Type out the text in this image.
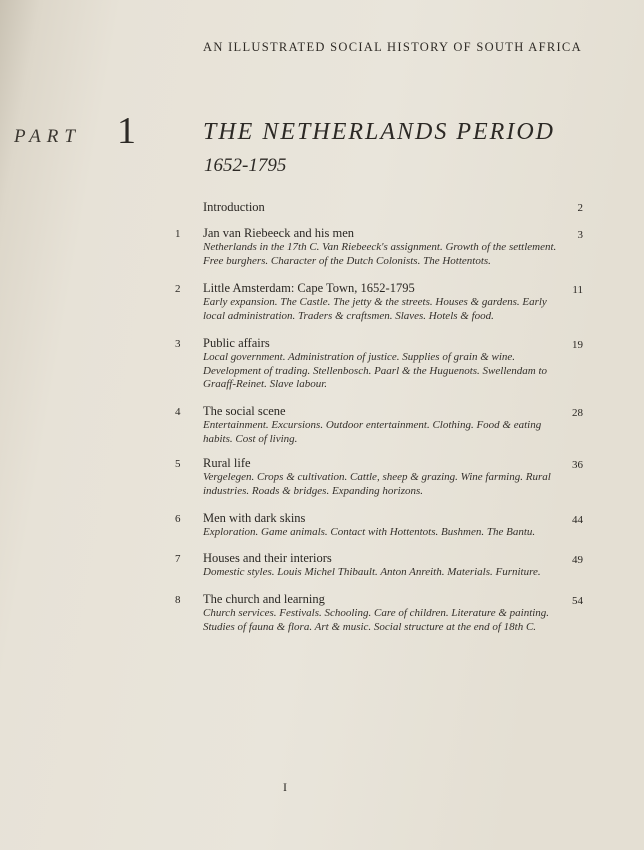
AN ILLUSTRATED SOCIAL HISTORY OF SOUTH AFRICA
PART 1	THE NETHERLANDS PERIOD
1652-1795
Introduction	2
1 Jan van Riebeeck and his men	3
Netherlands in the 17th C. Van Riebeeck's assignment. Growth of the settlement. Free burghers. Character of the Dutch Colonists. The Hottentots.
2 Little Amsterdam: Cape Town, 1652-1795	11
Early expansion. The Castle. The jetty & the streets. Houses & gardens. Early local administration. Traders & craftsmen. Slaves. Hotels & food.
3 Public affairs	19
Local government. Administration of justice. Supplies of grain & wine. Development of trading. Stellenbosch. Paarl & the Huguenots. Swellendam to Graaff-Reinet. Slave labour.
4 The social scene	28
Entertainment. Excursions. Outdoor entertainment. Clothing. Food & eating habits. Cost of living.
5 Rural life	36
Vergelegen. Crops & cultivation. Cattle, sheep & grazing. Wine farming. Rural industries. Roads & bridges. Expanding horizons.
6 Men with dark skins	44
Exploration. Game animals. Contact with Hottentots. Bushmen. The Bantu.
7 Houses and their interiors	49
Domestic styles. Louis Michel Thibault. Anton Anreith. Materials. Furniture.
8 The church and learning	54
Church services. Festivals. Schooling. Care of children. Literature & painting. Studies of fauna & flora. Art & music. Social structure at the end of 18th C.
I
